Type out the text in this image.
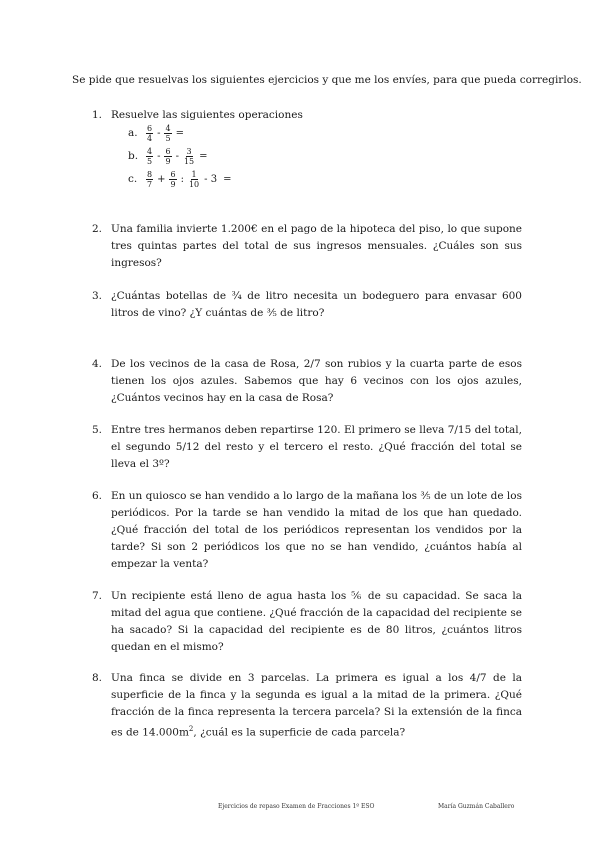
Se pide que resuelvas los siguientes ejercicios y que me los envíes, para que pueda corregirlos.
1. Resuelve las siguientes operaciones
a.	$\frac{6}{4} - \frac{4}{5}$ =
b. $\frac{4}{5} - \frac{6}{9} - \frac{3}{15}$ =
c.	$\frac{8}{7} + \frac{6}{9}$ : $\frac{1}{10} - 3$ =
2. Una familia invierte 1.200€ en el pago de la hipoteca del piso, lo que supone tres quintas partes del total de sus ingresos mensuales. ¿Cuáles son sus ingresos?
3. ¿Cuántas botellas de ¾ de litro necesita un bodeguero para envasar 600 litros de vino? ¿Y cuántas de ⅗ de litro?
4. De los vecinos de la casa de Rosa, 2/7 son rubios y la cuarta parte de esos tienen los ojos azules. Sabemos que hay 6 vecinos con los ojos azules, ¿Cuántos vecinos hay en la casa de Rosa?
5. Entre tres hermanos deben repartirse 120. El primero se lleva 7/15 del total, el segundo 5/12 del resto y el tercero el resto. ¿Qué fracción del total se lleva el 3º?
6. En un quiosco se han vendido a lo largo de la mañana los ⅗ de un lote de los periódicos. Por la tarde se han vendido la mitad de los que han quedado. ¿Qué fracción del total de los periódicos representan los vendidos por la tarde? Si son 2 periódicos los que no se han vendido, ¿cuántos había al empezar la venta?
7. Un recipiente está lleno de agua hasta los ⅚ de su capacidad. Se saca la mitad del agua que contiene. ¿Qué fracción de la capacidad del recipiente se ha sacado? Si la capacidad del recipiente es de 80 litros, ¿cuántos litros quedan en el mismo?
8. Una finca se divide en 3 parcelas. La primera es igual a los 4/7 de la superficie de la finca y la segunda es igual a la mitad de la primera. ¿Qué fracción de la finca representa la tercera parcela? Si la extensión de la finca es de $14.000m^2$, ¿cuál es la superficie de cada parcela?
Ejercicios de repaso Examen de Fracciones 1º ESO	María Guzmán Caballero
